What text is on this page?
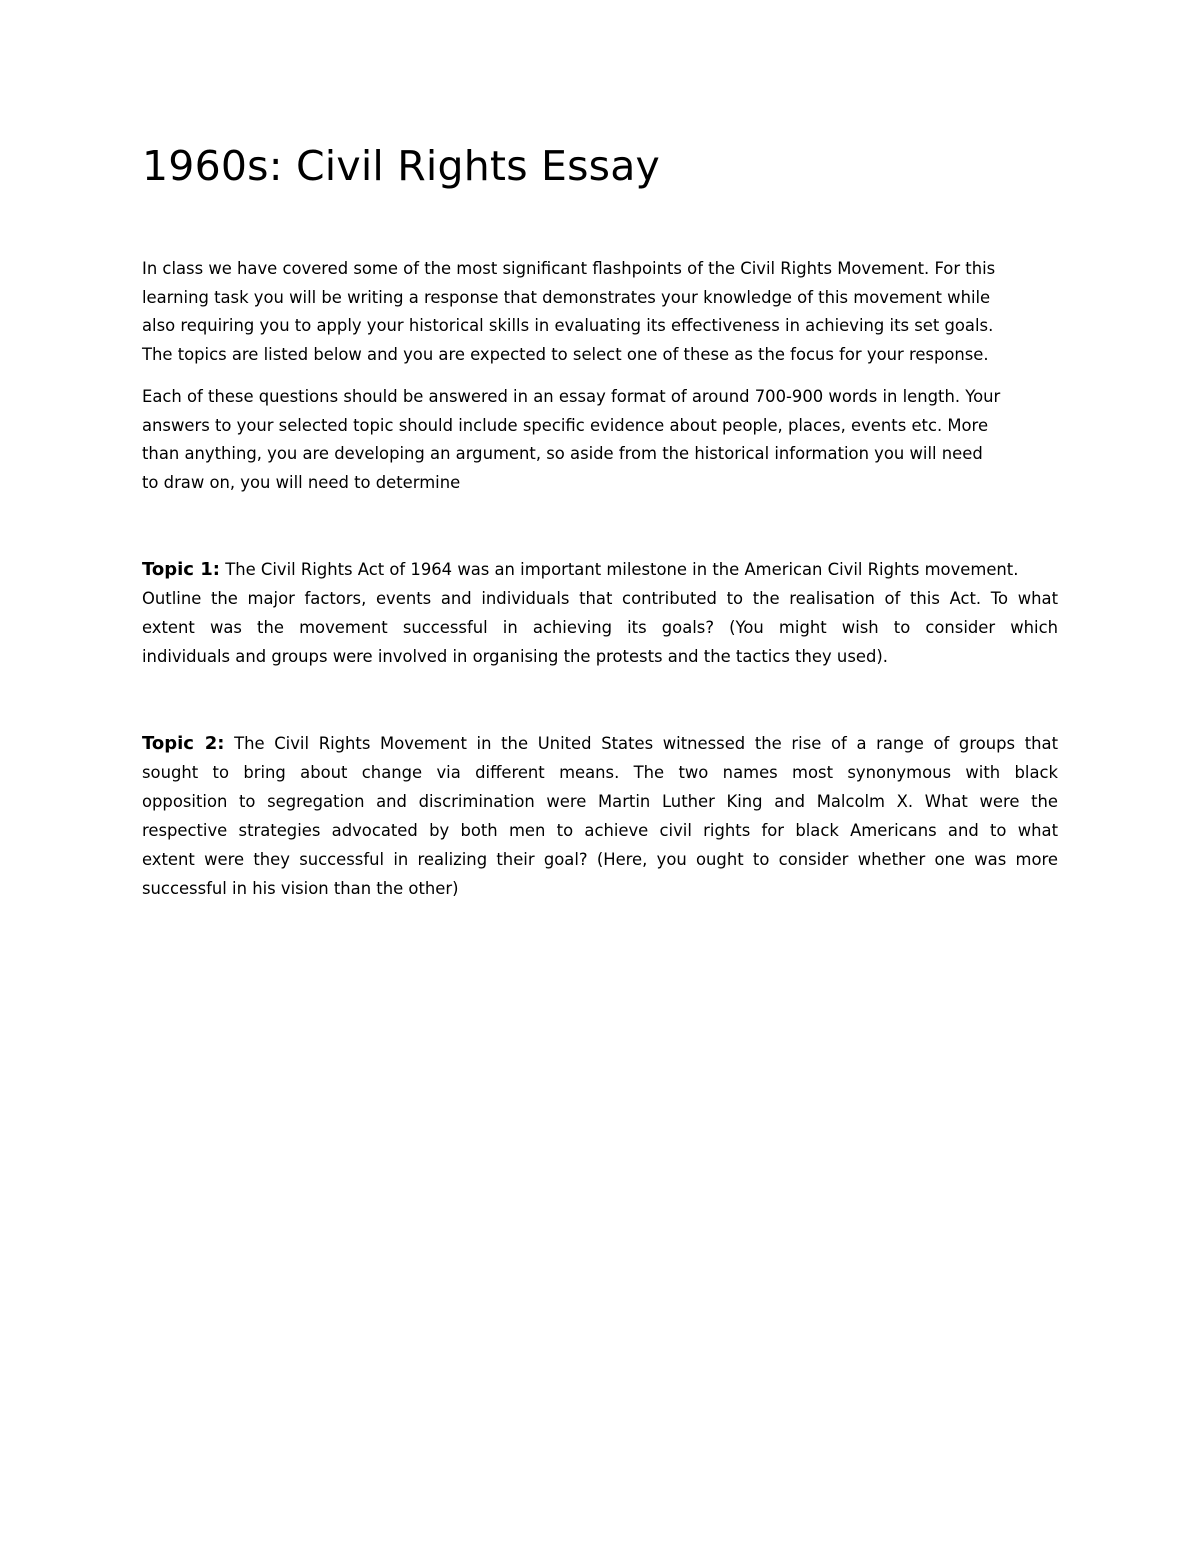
1960s: Civil Rights Essay

In class we have covered some of the most significant flashpoints of the Civil Rights Movement. For this
learning task you will be writing a response that demonstrates your knowledge of this movement while
also requiring you to apply your historical skills in evaluating its effectiveness in achieving its set goals.
The topics are listed below and you are expected to select one of these as the focus for your response.

Each of these questions should be answered in an essay format of around 700-900 words in length. Your
answers to your selected topic should include specific evidence about people, places, events etc. More
than anything, you are developing an argument, so aside from the historical information you will need
to draw on, you will need to determine

Topic 1: The Civil Rights Act of 1964 was an important milestone in the American Civil Rights movement.
Outline the major factors, events and individuals that contributed to the realisation of this Act. To what
extent was the movement successful in achieving its goals? (You might wish to consider which
individuals and groups were involved in organising the protests and the tactics they used).

Topic 2: The Civil Rights Movement in the United States witnessed the rise of a range of groups that
sought to bring about change via different means. The two names most synonymous with black
opposition to segregation and discrimination were Martin Luther King and Malcolm X. What were the
respective strategies advocated by both men to achieve civil rights for black Americans and to what
extent were they successful in realizing their goal? (Here, you ought to consider whether one was more
successful in his vision than the other)
